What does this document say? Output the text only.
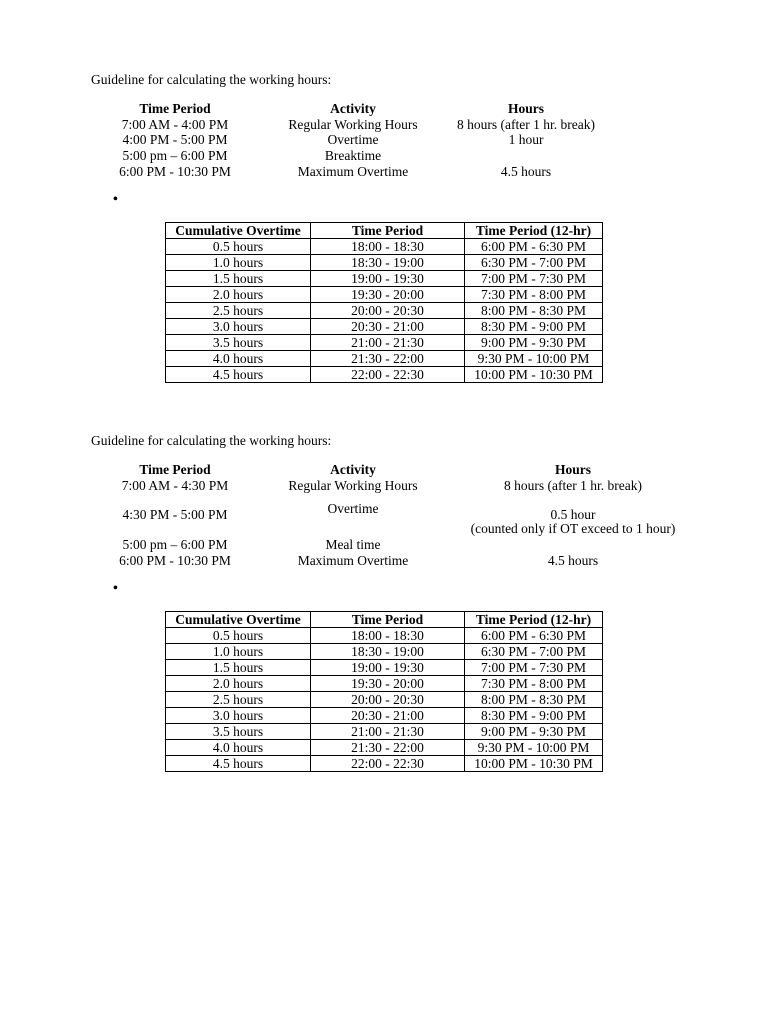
Guideline for calculating the working hours:
Time Period	Activity	Hours
7:00 AM - 4:00 PM	Regular Working Hours	8 hours (after 1 hr. break)
4:00 PM - 5:00 PM	Overtime	1 hour
5:00 pm – 6:00 PM	Breaktime
6:00 PM - 10:30 PM	Maximum Overtime	4.5 hours
•
Cumulative Overtime	Time Period	Time Period (12-hr)
0.5 hours	18:00 - 18:30	6:00 PM - 6:30 PM
1.0 hours	18:30 - 19:00	6:30 PM - 7:00 PM
1.5 hours	19:00 - 19:30	7:00 PM - 7:30 PM
2.0 hours	19:30 - 20:00	7:30 PM - 8:00 PM
2.5 hours	20:00 - 20:30	8:00 PM - 8:30 PM
3.0 hours	20:30 - 21:00	8:30 PM - 9:00 PM
3.5 hours	21:00 - 21:30	9:00 PM - 9:30 PM
4.0 hours	21:30 - 22:00	9:30 PM - 10:00 PM
4.5 hours	22:00 - 22:30	10:00 PM - 10:30 PM
Guideline for calculating the working hours:
Time Period	Activity	Hours
7:00 AM - 4:30 PM	Regular Working Hours	8 hours (after 1 hr. break)
4:30 PM - 5:00 PM	Overtime	0.5 hour
(counted only if OT exceed to 1 hour)
5:00 pm – 6:00 PM	Meal time
6:00 PM - 10:30 PM	Maximum Overtime	4.5 hours
•
Cumulative Overtime	Time Period	Time Period (12-hr)
0.5 hours	18:00 - 18:30	6:00 PM - 6:30 PM
1.0 hours	18:30 - 19:00	6:30 PM - 7:00 PM
1.5 hours	19:00 - 19:30	7:00 PM - 7:30 PM
2.0 hours	19:30 - 20:00	7:30 PM - 8:00 PM
2.5 hours	20:00 - 20:30	8:00 PM - 8:30 PM
3.0 hours	20:30 - 21:00	8:30 PM - 9:00 PM
3.5 hours	21:00 - 21:30	9:00 PM - 9:30 PM
4.0 hours	21:30 - 22:00	9:30 PM - 10:00 PM
4.5 hours	22:00 - 22:30	10:00 PM - 10:30 PM
